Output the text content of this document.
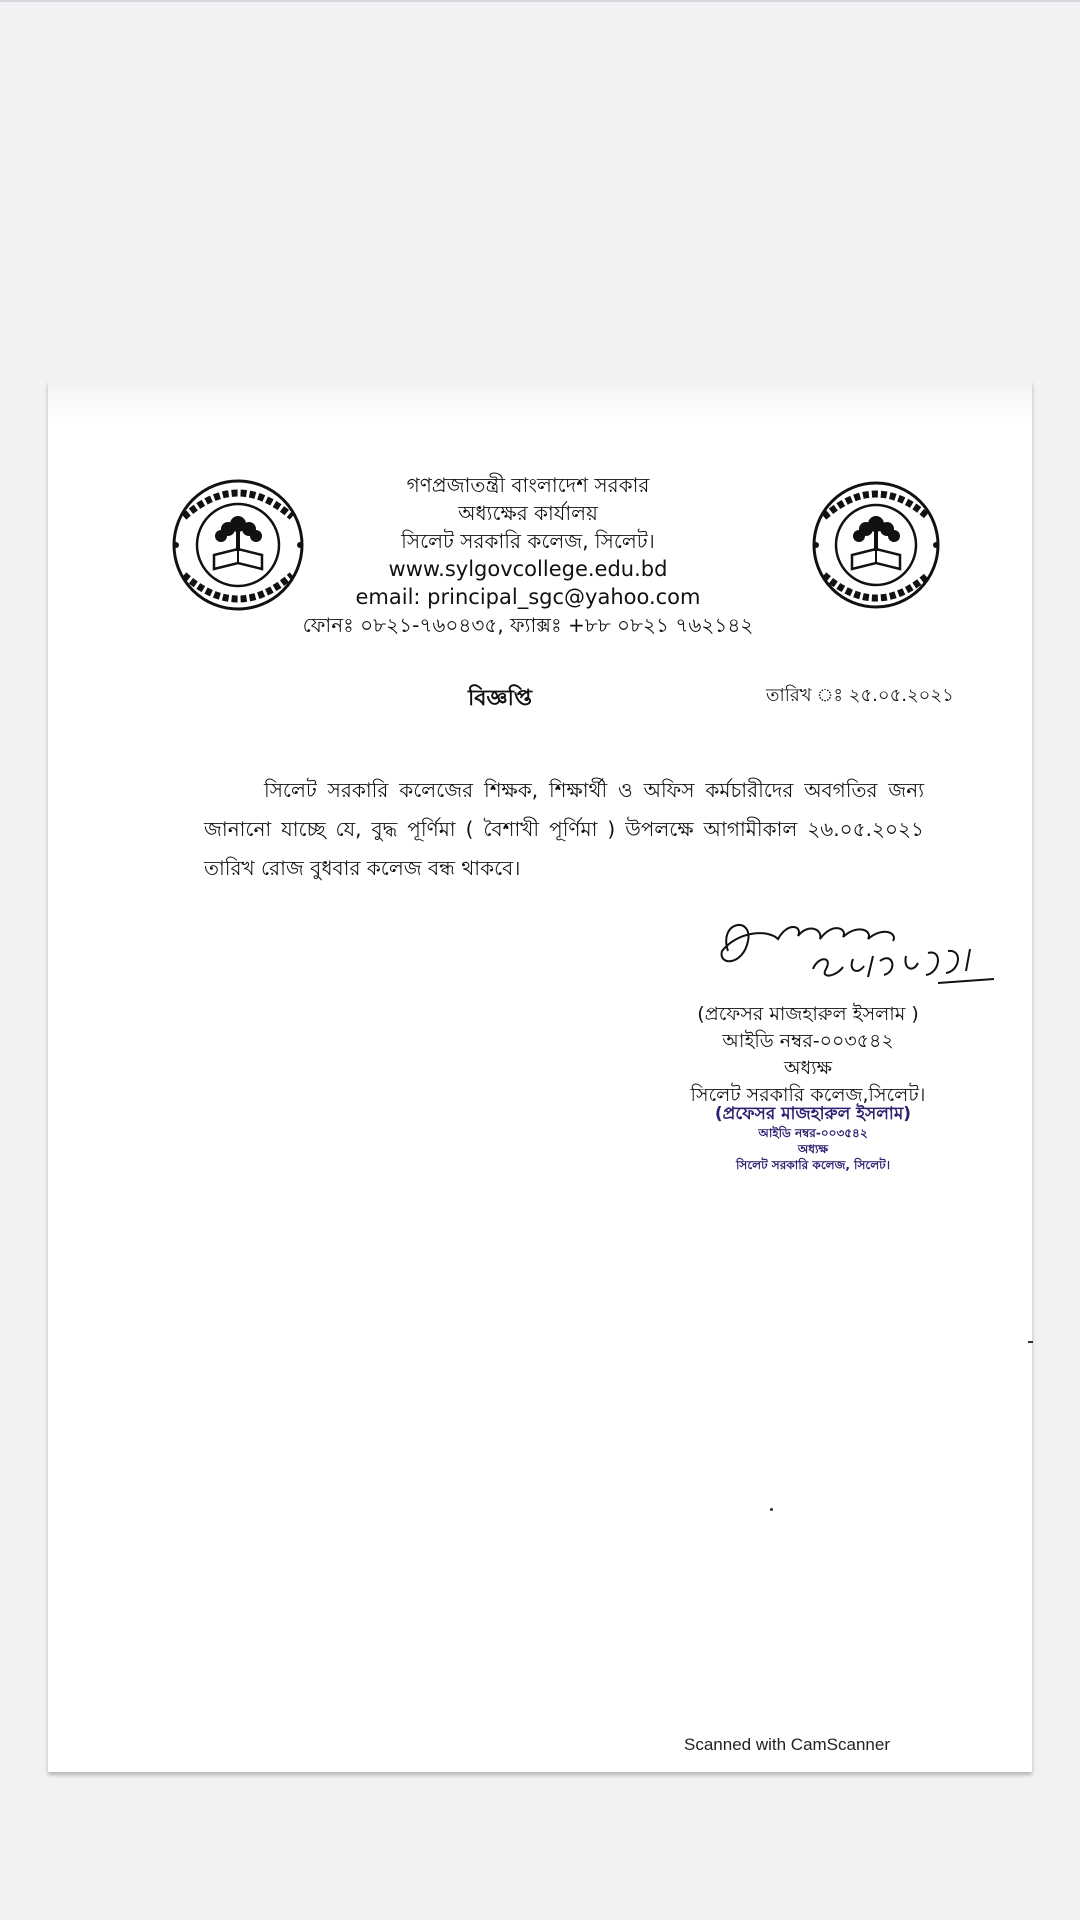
গণপ্রজাতন্ত্রী বাংলাদেশ সরকার
অধ্যক্ষের কার্যালয়
সিলেট সরকারি কলেজ, সিলেট।
www.sylgovcollege.edu.bd
email: principal_sgc@yahoo.com
ফোনঃ ০৮২১-৭৬০৪৩৫, ফ্যাক্সঃ +৮৮ ০৮২১ ৭৬২১৪২
বিজ্ঞপ্তি	তারিখ ঃ ২৫.০৫.২০২১
সিলেট সরকারি কলেজের শিক্ষক, শিক্ষার্থী ও অফিস কর্মচারীদের অবগতির জন্য জানানো যাচ্ছে যে, বুদ্ধ পূর্ণিমা ( বৈশাখী পূর্ণিমা ) উপলক্ষে আগামীকাল ২৬.০৫.২০২১ তারিখ রোজ বুধবার কলেজ বন্ধ থাকবে।
(প্রফেসর মাজহারুল ইসলাম )
আইডি নম্বর-০০৩৫৪২
অধ্যক্ষ
সিলেট সরকারি কলেজ,সিলেট।
(প্রফেসর মাজহারুল ইসলাম)
আইডি নম্বর-০০৩৫৪২
অধ্যক্ষ
সিলেট সরকারি কলেজ, সিলেট।
Scanned with CamScanner
